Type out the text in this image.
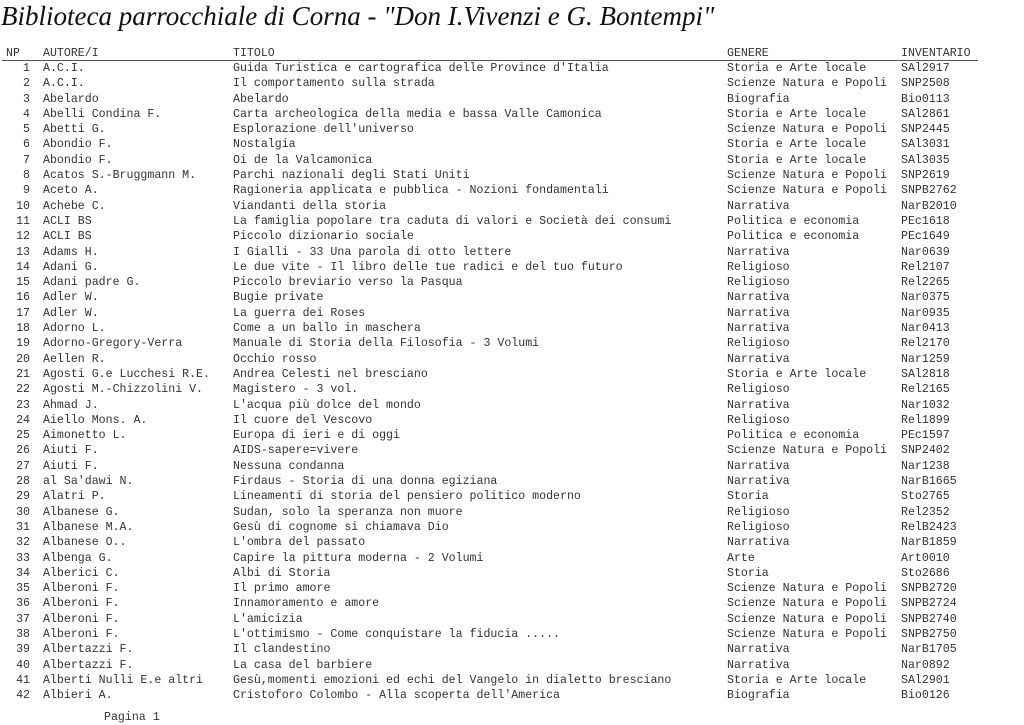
Biblioteca parrocchiale di Corna - "Don I.Vivenzi e G. Bontempi"
NP	AUTORE/I	TITOLO	GENERE	INVENTARIO
1 A.C.I.	Guida Turistica e cartografica delle Province d'Italia	Storia e Arte locale	SAl2917
2 A.C.I.	Il comportamento sulla strada	Scienze Natura e Popoli	SNP2508
3 Abelardo	Abelardo	Biografia	Bio0113
4 Abelli Condina F.	Carta archeologica della media e bassa Valle Camonica	Storia e Arte locale	SAl2861
5 Abetti G.	Esplorazione dell'universo	Scienze Natura e Popoli	SNP2445
6 Abondio F.	Nostalgia	Storia e Arte locale	SAl3031
7 Abondio F.	Oi de la Valcamonica	Storia e Arte locale	SAl3035
8 Acatos S.-Bruggmann M.	Parchi nazionali degli Stati Uniti	Scienze Natura e Popoli	SNP2619
9 Aceto A.	Ragioneria applicata e pubblica - Nozioni fondamentali	Scienze Natura e Popoli	SNPB2762
10 Achebe C.	Viandanti della storia	Narrativa	NarB2010
11 ACLI BS	La famiglia popolare tra caduta di valori e Società dei consumi	Politica e economia	PEc1618
12 ACLI BS	Piccolo dizionario sociale	Politica e economia	PEc1649
13 Adams H.	I Gialli - 33 Una parola di otto lettere	Narrativa	Nar0639
14 Adani G.	Le due vite - Il libro delle tue radici e del tuo futuro	Religioso	Rel2107
15 Adani padre G.	Piccolo breviario verso la Pasqua	Religioso	Rel2265
16 Adler W.	Bugie private	Narrativa	Nar0375
17 Adler W.	La guerra dei Roses	Narrativa	Nar0935
18 Adorno L.	Come a un ballo in maschera	Narrativa	Nar0413
19 Adorno-Gregory-Verra	Manuale di Storia della Filosofia - 3 Volumi	Religioso	Rel2170
20 Aellen R.	Occhio rosso	Narrativa	Nar1259
21 Agosti G.e Lucchesi R.E.	Andrea Celesti nel bresciano	Storia e Arte locale	SAl2818
22 Agosti M.-Chizzolini V.	Magistero - 3 vol.	Religioso	Rel2165
23 Ahmad J.	L'acqua più dolce del mondo	Narrativa	Nar1032
24 Aiello Mons. A.	Il cuore del Vescovo	Religioso	Rel1899
25 Aimonetto L.	Europa di ieri e di oggi	Politica e economia	PEc1597
26 Aiuti F.	AIDS-sapere=vivere	Scienze Natura e Popoli	SNP2402
27 Aiuti F.	Nessuna condanna	Narrativa	Nar1238
28 al Sa'dawi N.	Firdaus - Storia di una donna egiziana	Narrativa	NarB1665
29 Alatri P.	Lineamenti di storia del pensiero politico moderno	Storia	Sto2765
30 Albanese G.	Sudan, solo la speranza non muore	Religioso	Rel2352
31 Albanese M.A.	Gesù di cognome si chiamava Dio	Religioso	RelB2423
32 Albanese O..	L'ombra del passato	Narrativa	NarB1859
33 Albenga G.	Capire la pittura moderna - 2 Volumi	Arte	Art0010
34 Alberici C.	Albi di Storia	Storia	Sto2686
35 Alberoni F.	Il primo amore	Scienze Natura e Popoli	SNPB2720
36 Alberoni F.	Innamoramento e amore	Scienze Natura e Popoli	SNPB2724
37 Alberoni F.	L'amicizia	Scienze Natura e Popoli	SNPB2740
38 Alberoni F.	L'ottimismo - Come conquistare la fiducia .....	Scienze Natura e Popoli	SNPB2750
39 Albertazzi F.	Il clandestino	Narrativa	NarB1705
40 Albertazzi F.	La casa del barbiere	Narrativa	Nar0892
41 Alberti Nulli E.e altri	Gesù,momenti emozioni ed echi del Vangelo in dialetto bresciano	Storia e Arte locale	SAl2901
42 Albieri A.	Cristoforo Colombo - Alla scoperta dell'America	Biografia	Bio0126
Pagina 1
